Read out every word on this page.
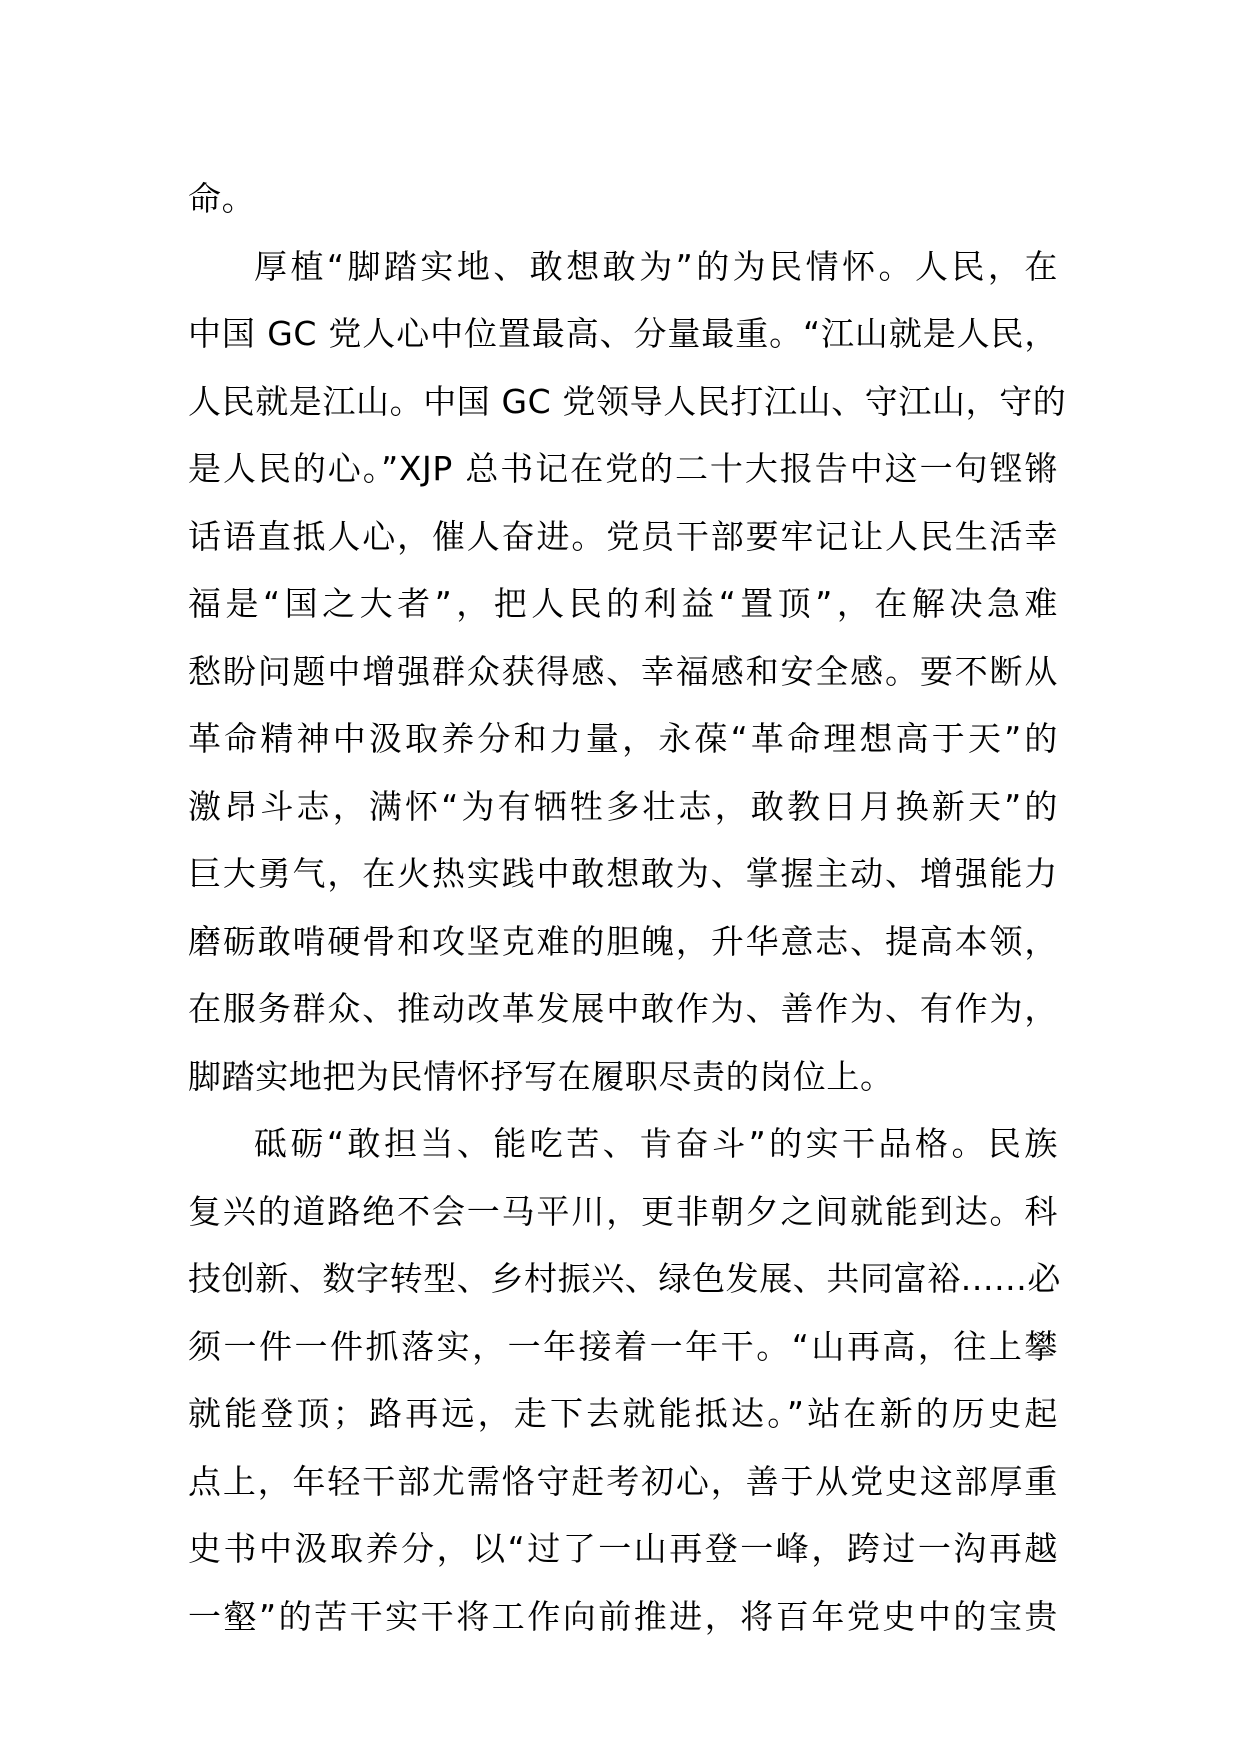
命。
厚植“脚踏实地、敢想敢为”的为民情怀。人民，在
中国 GC 党人心中位置最高、分量最重。“江山就是人民，
人民就是江山。中国 GC 党领导人民打江山、守江山，守的
是人民的心。”XJP 总书记在党的二十大报告中这一句铿锵
话语直抵人心，催人奋进。党员干部要牢记让人民生活幸
福是“国之大者”，把人民的利益“置顶”，在解决急难
愁盼问题中增强群众获得感、幸福感和安全感。要不断从
革命精神中汲取养分和力量，永葆“革命理想高于天”的
激昂斗志，满怀“为有牺牲多壮志，敢教日月换新天”的
巨大勇气，在火热实践中敢想敢为、掌握主动、增强能力
磨砺敢啃硬骨和攻坚克难的胆魄，升华意志、提高本领，
在服务群众、推动改革发展中敢作为、善作为、有作为，
脚踏实地把为民情怀抒写在履职尽责的岗位上。
砥砺“敢担当、能吃苦、肯奋斗”的实干品格。民族
复兴的道路绝不会一马平川，更非朝夕之间就能到达。科
技创新、数字转型、乡村振兴、绿色发展、共同富裕......必
须一件一件抓落实，一年接着一年干。“山再高，往上攀
就能登顶；路再远，走下去就能抵达。”站在新的历史起
点上，年轻干部尤需恪守赶考初心，善于从党史这部厚重
史书中汲取养分，以“过了一山再登一峰，跨过一沟再越
一壑”的苦干实干将工作向前推进，将百年党史中的宝贵
